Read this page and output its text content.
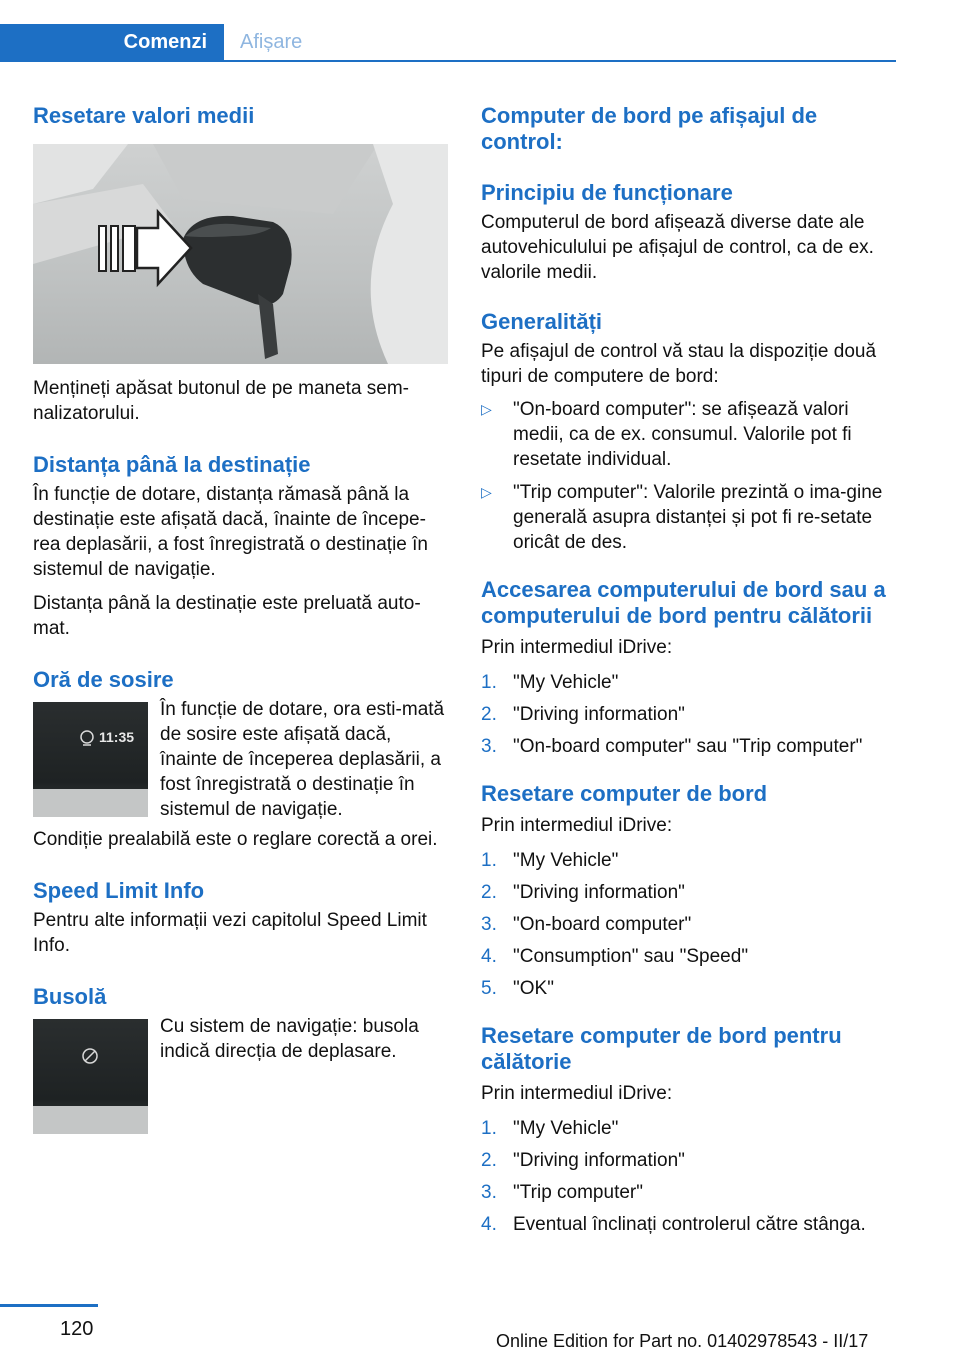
Comenzi	Afișare
Resetare valori medii

Mențineți apăsat butonul de pe maneta sem-nalizatorului.

Distanța până la destinație

În funcție de dotare, distanța rămasă până la destinație este afișată dacă, înainte de începe-rea deplasării, a fost înregistrată o destinație în sistemul de navigație.

Distanța până la destinație este preluată auto-mat.

Oră de sosire
11:35

În funcție de dotare, ora esti-mată de sosire este afișată dacă, înainte de începerea deplasării, a fost înregistrată o destinație în sistemul de navigație.

Condiție prealabilă este o reglare corectă a orei.

Speed Limit Info

Pentru alte informații vezi capitolul Speed Limit Info.

Busolă

Cu sistem de navigație: busola indică direcția de deplasare.

Computer de bord pe afișajul de control:
Principiu de funcționare

Computerul de bord afișează diverse date ale autovehiculului pe afișajul de control, ca de ex. valorile medii.

Generalități

Pe afișajul de control vă stau la dispoziție două tipuri de computere de bord:

▷ "On-board computer": se afișează valori medii, ca de ex. consumul. Valorile pot fi resetate individual.
▷ "Trip computer": Valorile prezintă o ima-gine generală asupra distanței și pot fi re-setate oricât de des.
Accesarea computerului de bord sau a computerului de bord pentru călătorii

Prin intermediul iDrive:

1. "My Vehicle"
2. "Driving information"
3. "On-board computer" sau "Trip computer"
Resetare computer de bord

Prin intermediul iDrive:

1. "My Vehicle"
2. "Driving information"
3. "On-board computer"
4. "Consumption" sau "Speed"
5. "OK"
Resetare computer de bord pentru călătorie

Prin intermediul iDrive:

1. "My Vehicle"
2. "Driving information"
3. "Trip computer"
4. Eventual înclinați controlerul către stânga.
120
Online Edition for Part no. 01402978543 - II/17
